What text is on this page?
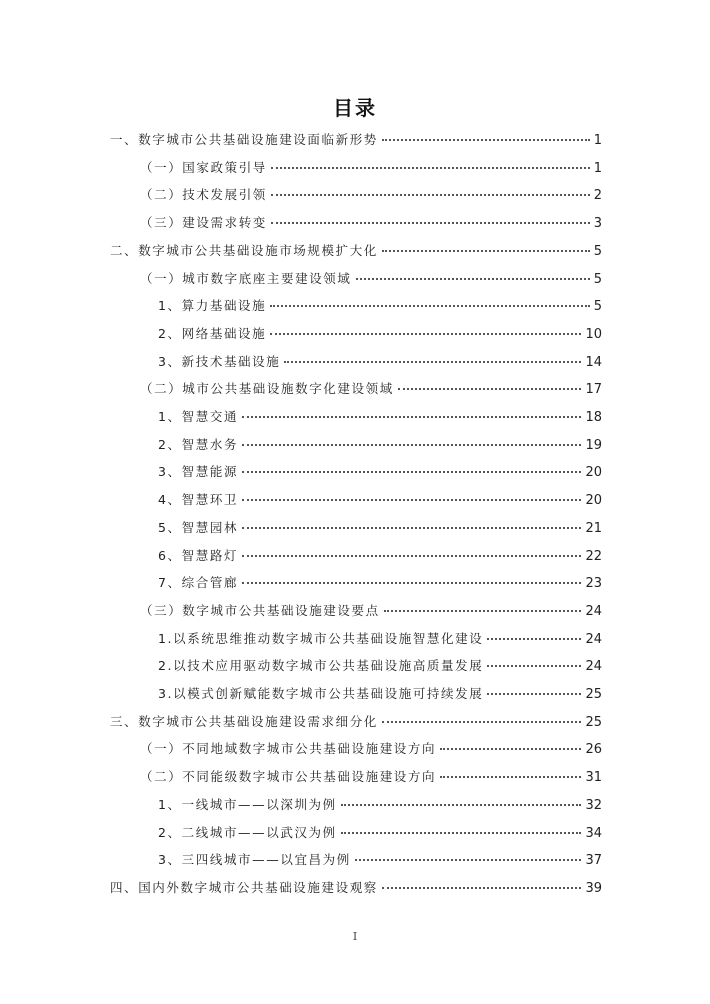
目录
一、数字城市公共基础设施建设面临新形势	1
（一）国家政策引导	1
（二）技术发展引领	2
（三）建设需求转变	3
二、数字城市公共基础设施市场规模扩大化	5
（一）城市数字底座主要建设领域	5
1、算力基础设施	5
2、网络基础设施	10
3、新技术基础设施	14
（二）城市公共基础设施数字化建设领域	17
1、智慧交通	18
2、智慧水务	19
3、智慧能源	20
4、智慧环卫	20
5、智慧园林	21
6、智慧路灯	22
7、综合管廊	23
（三）数字城市公共基础设施建设要点	24
1.以系统思维推动数字城市公共基础设施智慧化建设	24
2.以技术应用驱动数字城市公共基础设施高质量发展	24
3.以模式创新赋能数字城市公共基础设施可持续发展	25
三、数字城市公共基础设施建设需求细分化	25
（一）不同地域数字城市公共基础设施建设方向	26
（二）不同能级数字城市公共基础设施建设方向	31
1、一线城市——以深圳为例	32
2、二线城市——以武汉为例	34
3、三四线城市——以宜昌为例	37
四、国内外数字城市公共基础设施建设观察	39
I
